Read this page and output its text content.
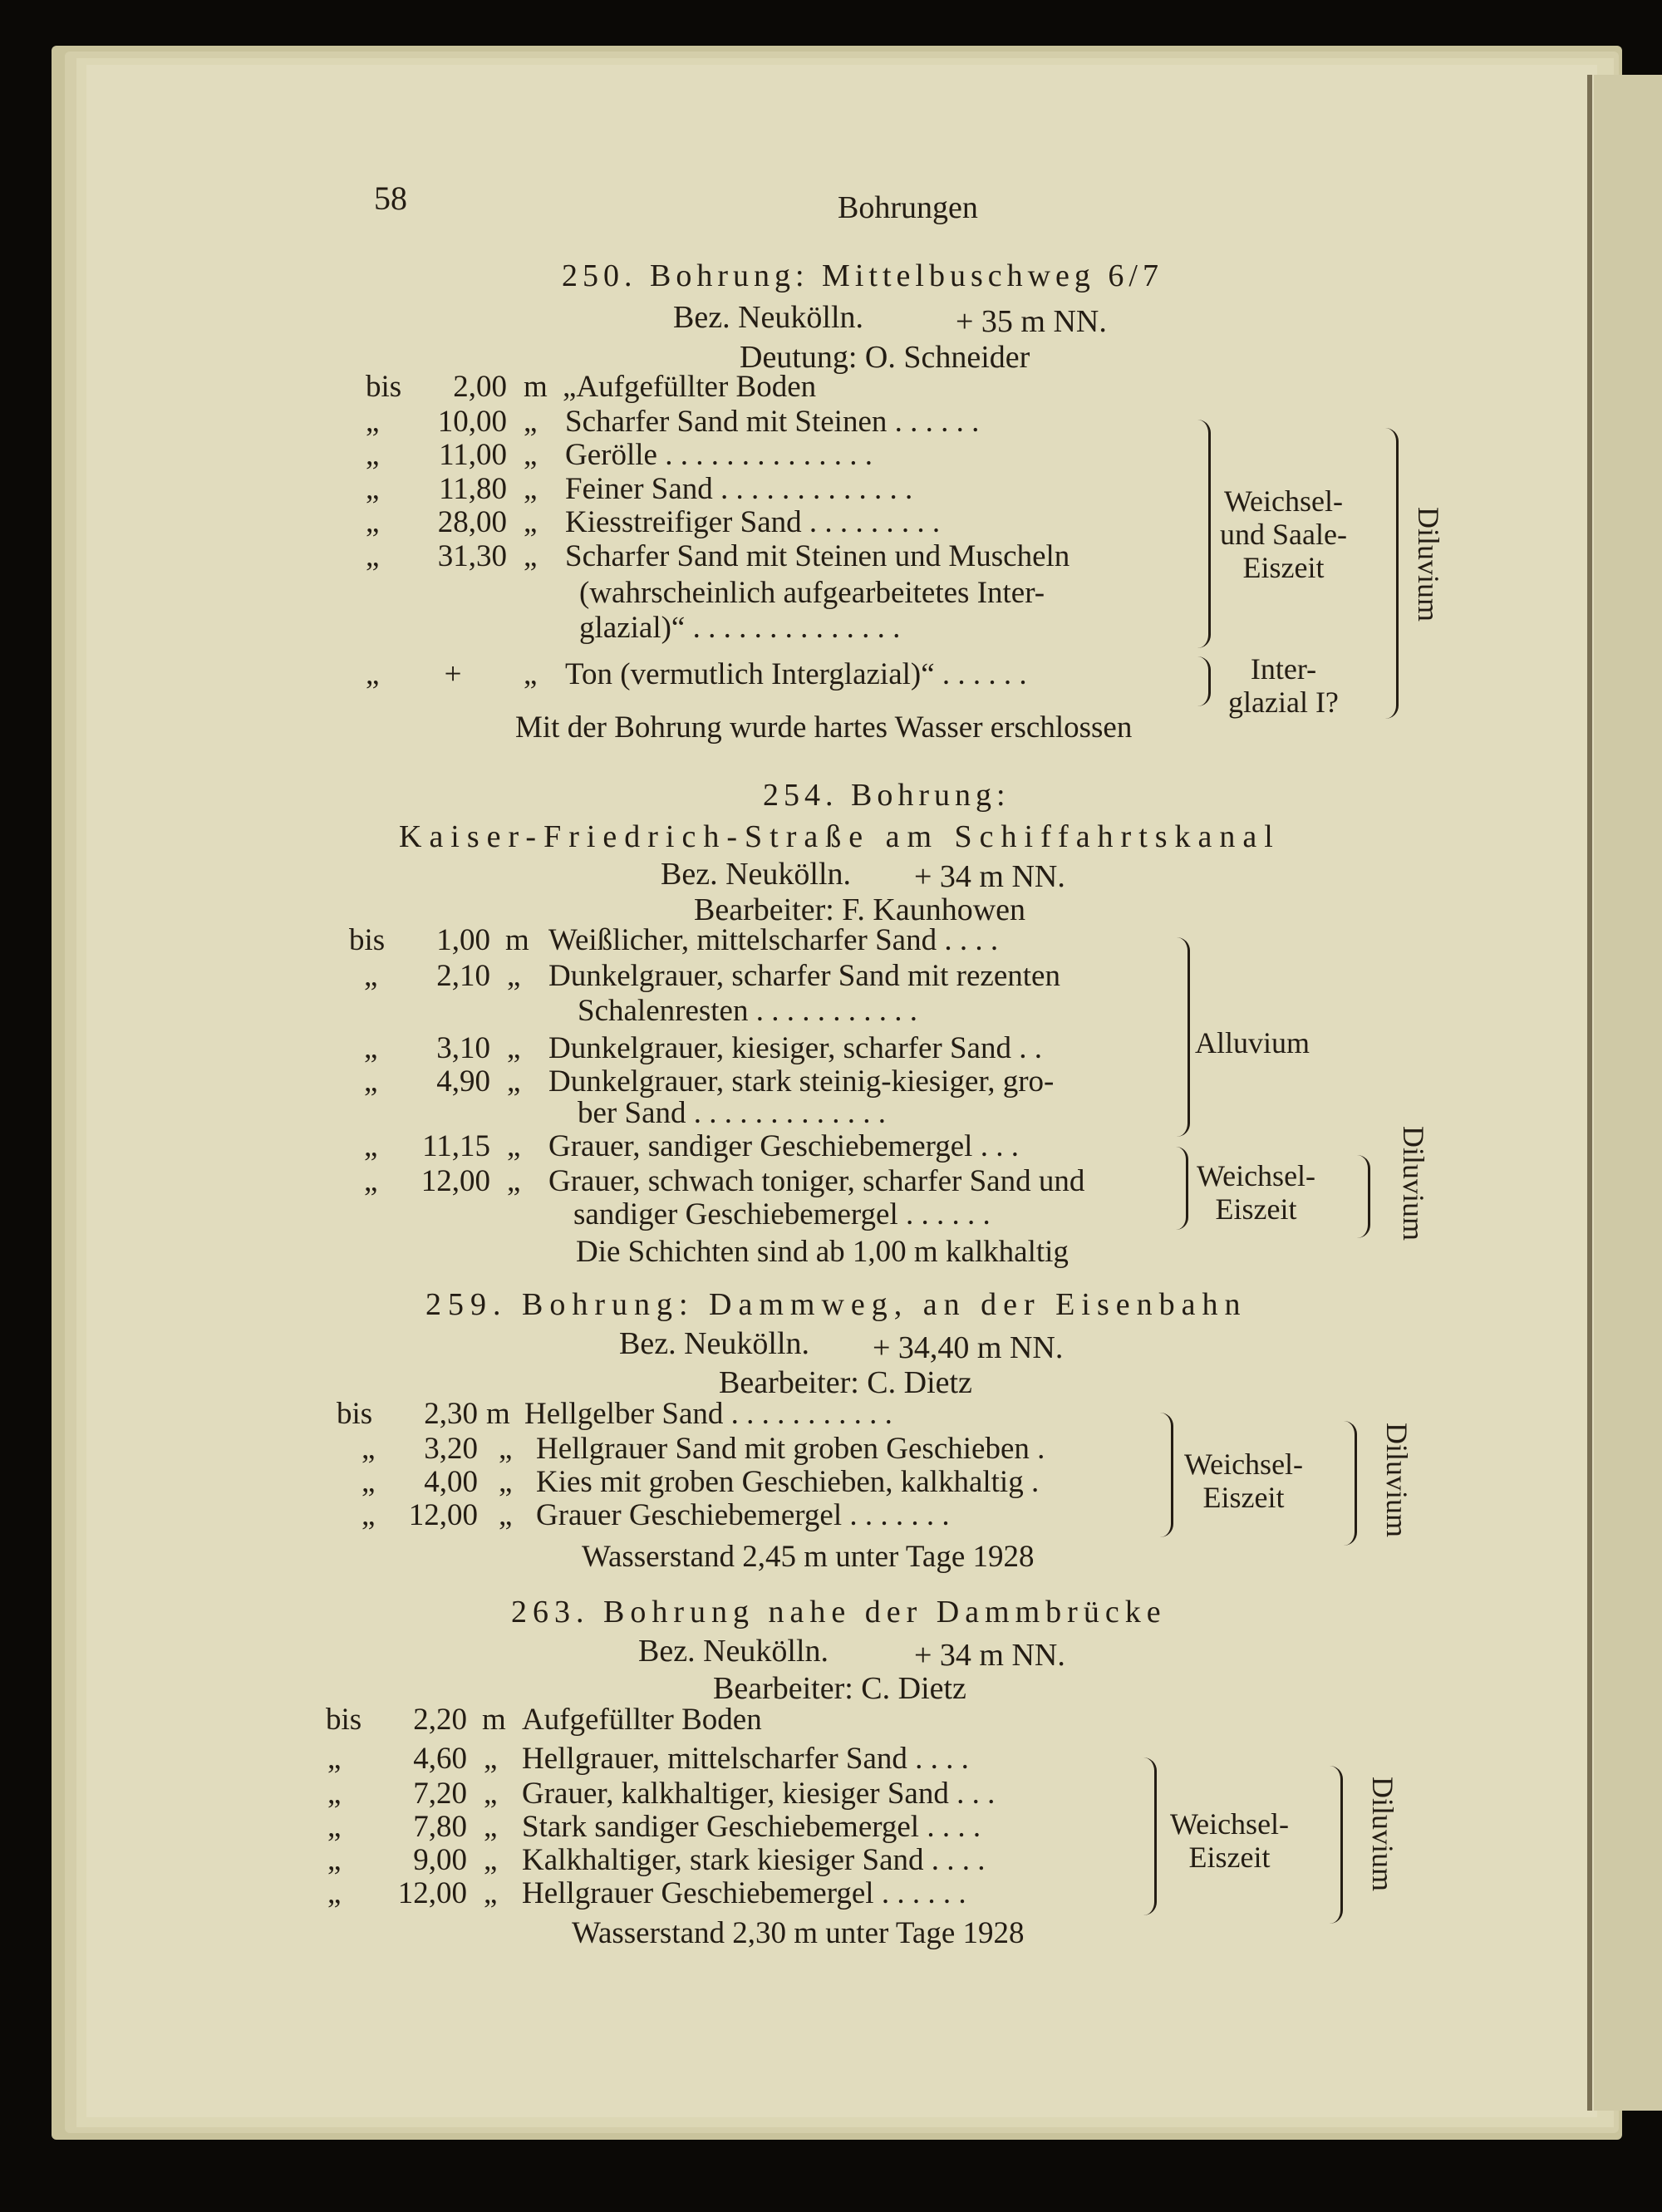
58	Bohrungen
250. Bohrung: Mittelbuschweg 6/7
Bez. Neukölln.	+ 35 m NN.
Deutung: O. Schneider
bis	2,00 m „Aufgefüllter Boden
„	10,00 „ Scharfer Sand mit Steinen . . . . . .
„	11,00 „ Gerölle . . . . . . . . . . . . . .
„	11,80 „ Feiner Sand . . . . . . . . . . . . .
„	28,00 „ Kiesstreifiger Sand . . . . . . . . .
„	31,30 „ Scharfer Sand mit Steinen und Muscheln
(wahrscheinlich aufgearbeitetes Inter-
glazial)“ . . . . . . . . . . . . . .
„	+	„ Ton (vermutlich Interglazial)“ . . . . . .
Weichsel-
und Saale-
Eiszeit
Inter-
glazial I?
Diluvium
Mit der Bohrung wurde hartes Wasser erschlossen
254. Bohrung:
Kaiser-Friedrich-Straße am Schiffahrtskanal
Bez. Neukölln. + 34 m NN.
Bearbeiter: F. Kaunhowen
bis	1,00 m Weißlicher, mittelscharfer Sand . . . .
„	2,10 „ Dunkelgrauer, scharfer Sand mit rezenten
Schalenresten . . . . . . . . . . .
„	3,10 „ Dunkelgrauer, kiesiger, scharfer Sand . .
„	4,90 „ Dunkelgrauer, stark steinig-kiesiger, gro-
ber Sand . . . . . . . . . . . . .
„	11,15 „ Grauer, sandiger Geschiebemergel . . .
„	12,00 „ Grauer, schwach toniger, scharfer Sand und
sandiger Geschiebemergel . . . . . .
Alluvium
Weichsel-
Eiszeit	Diluvium
Die Schichten sind ab 1,00 m kalkhaltig
259. Bohrung: Dammweg, an der Eisenbahn
Bez. Neukölln. + 34,40 m NN.
Bearbeiter: C. Dietz
bis	2,30 m Hellgelber Sand . . . . . . . . . . .
„	3,20 „ Hellgrauer Sand mit groben Geschieben .
„	4,00 „ Kies mit groben Geschieben, kalkhaltig .
„	12,00 „ Grauer Geschiebemergel . . . . . . .
Weichsel-
Eiszeit	Diluvium
Wasserstand 2,45 m unter Tage 1928
263. Bohrung nahe der Dammbrücke
Bez. Neukölln.	+ 34 m NN.
Bearbeiter: C. Dietz
bis	2,20 m Aufgefüllter Boden
„	4,60 „ Hellgrauer, mittelscharfer Sand . . . .
„	7,20 „ Grauer, kalkhaltiger, kiesiger Sand . . .
„	7,80 „ Stark sandiger Geschiebemergel . . . .
„	9,00 „ Kalkhaltiger, stark kiesiger Sand . . . .
„	12,00 „ Hellgrauer Geschiebemergel . . . . . .
Weichsel-
Eiszeit	Diluvium
Wasserstand 2,30 m unter Tage 1928
